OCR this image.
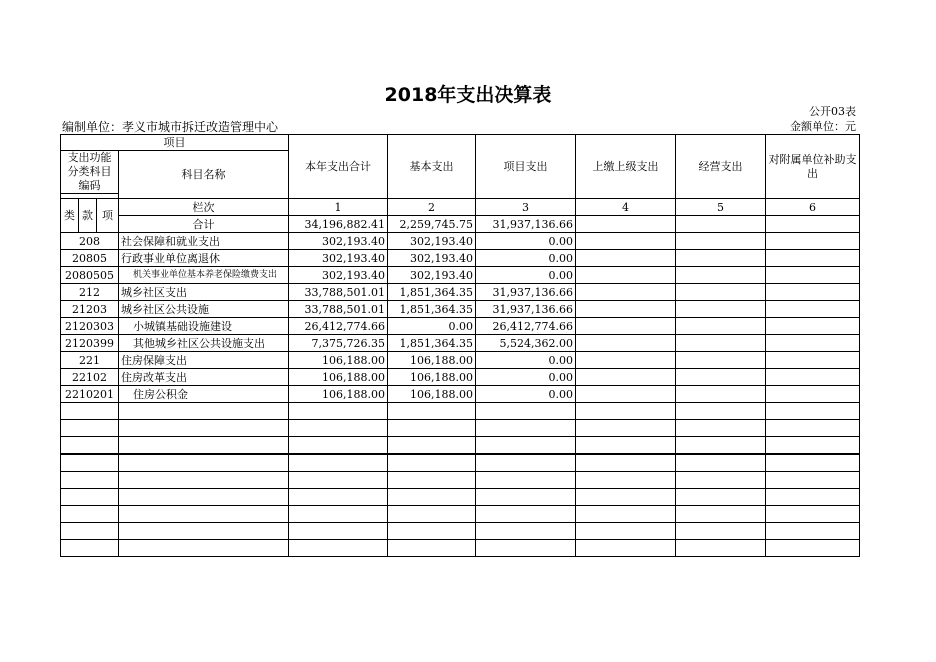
2018年支出决算表
公开03表
编制单位：孝义市城市拆迁改造管理中心	金额单位：元
项目				本年支出合计	基本支出	项目支出	上缴上级支出	经营支出	对附属单位补助支出
支出功能分类科目编码			科目名称						

类	款	项	栏次	1	2	3	4	5	6
			合计	34,196,882.41	2,259,745.75	31,937,136.66			
208			社会保障和就业支出	302,193.40	302,193.40	0.00			
20805			行政事业单位离退休	302,193.40	302,193.40	0.00			
2080505			机关事业单位基本养老保险缴费支出	302,193.40	302,193.40	0.00			
212			城乡社区支出	33,788,501.01	1,851,364.35	31,937,136.66			
21203			城乡社区公共设施	33,788,501.01	1,851,364.35	31,937,136.66			
2120303			小城镇基础设施建设	26,412,774.66	0.00	26,412,774.66			
2120399			其他城乡社区公共设施支出	7,375,726.35	1,851,364.35	5,524,362.00			
221			住房保障支出	106,188.00	106,188.00	0.00			
22102			住房改革支出	106,188.00	106,188.00	0.00			
2210201			住房公积金	106,188.00	106,188.00	0.00			
